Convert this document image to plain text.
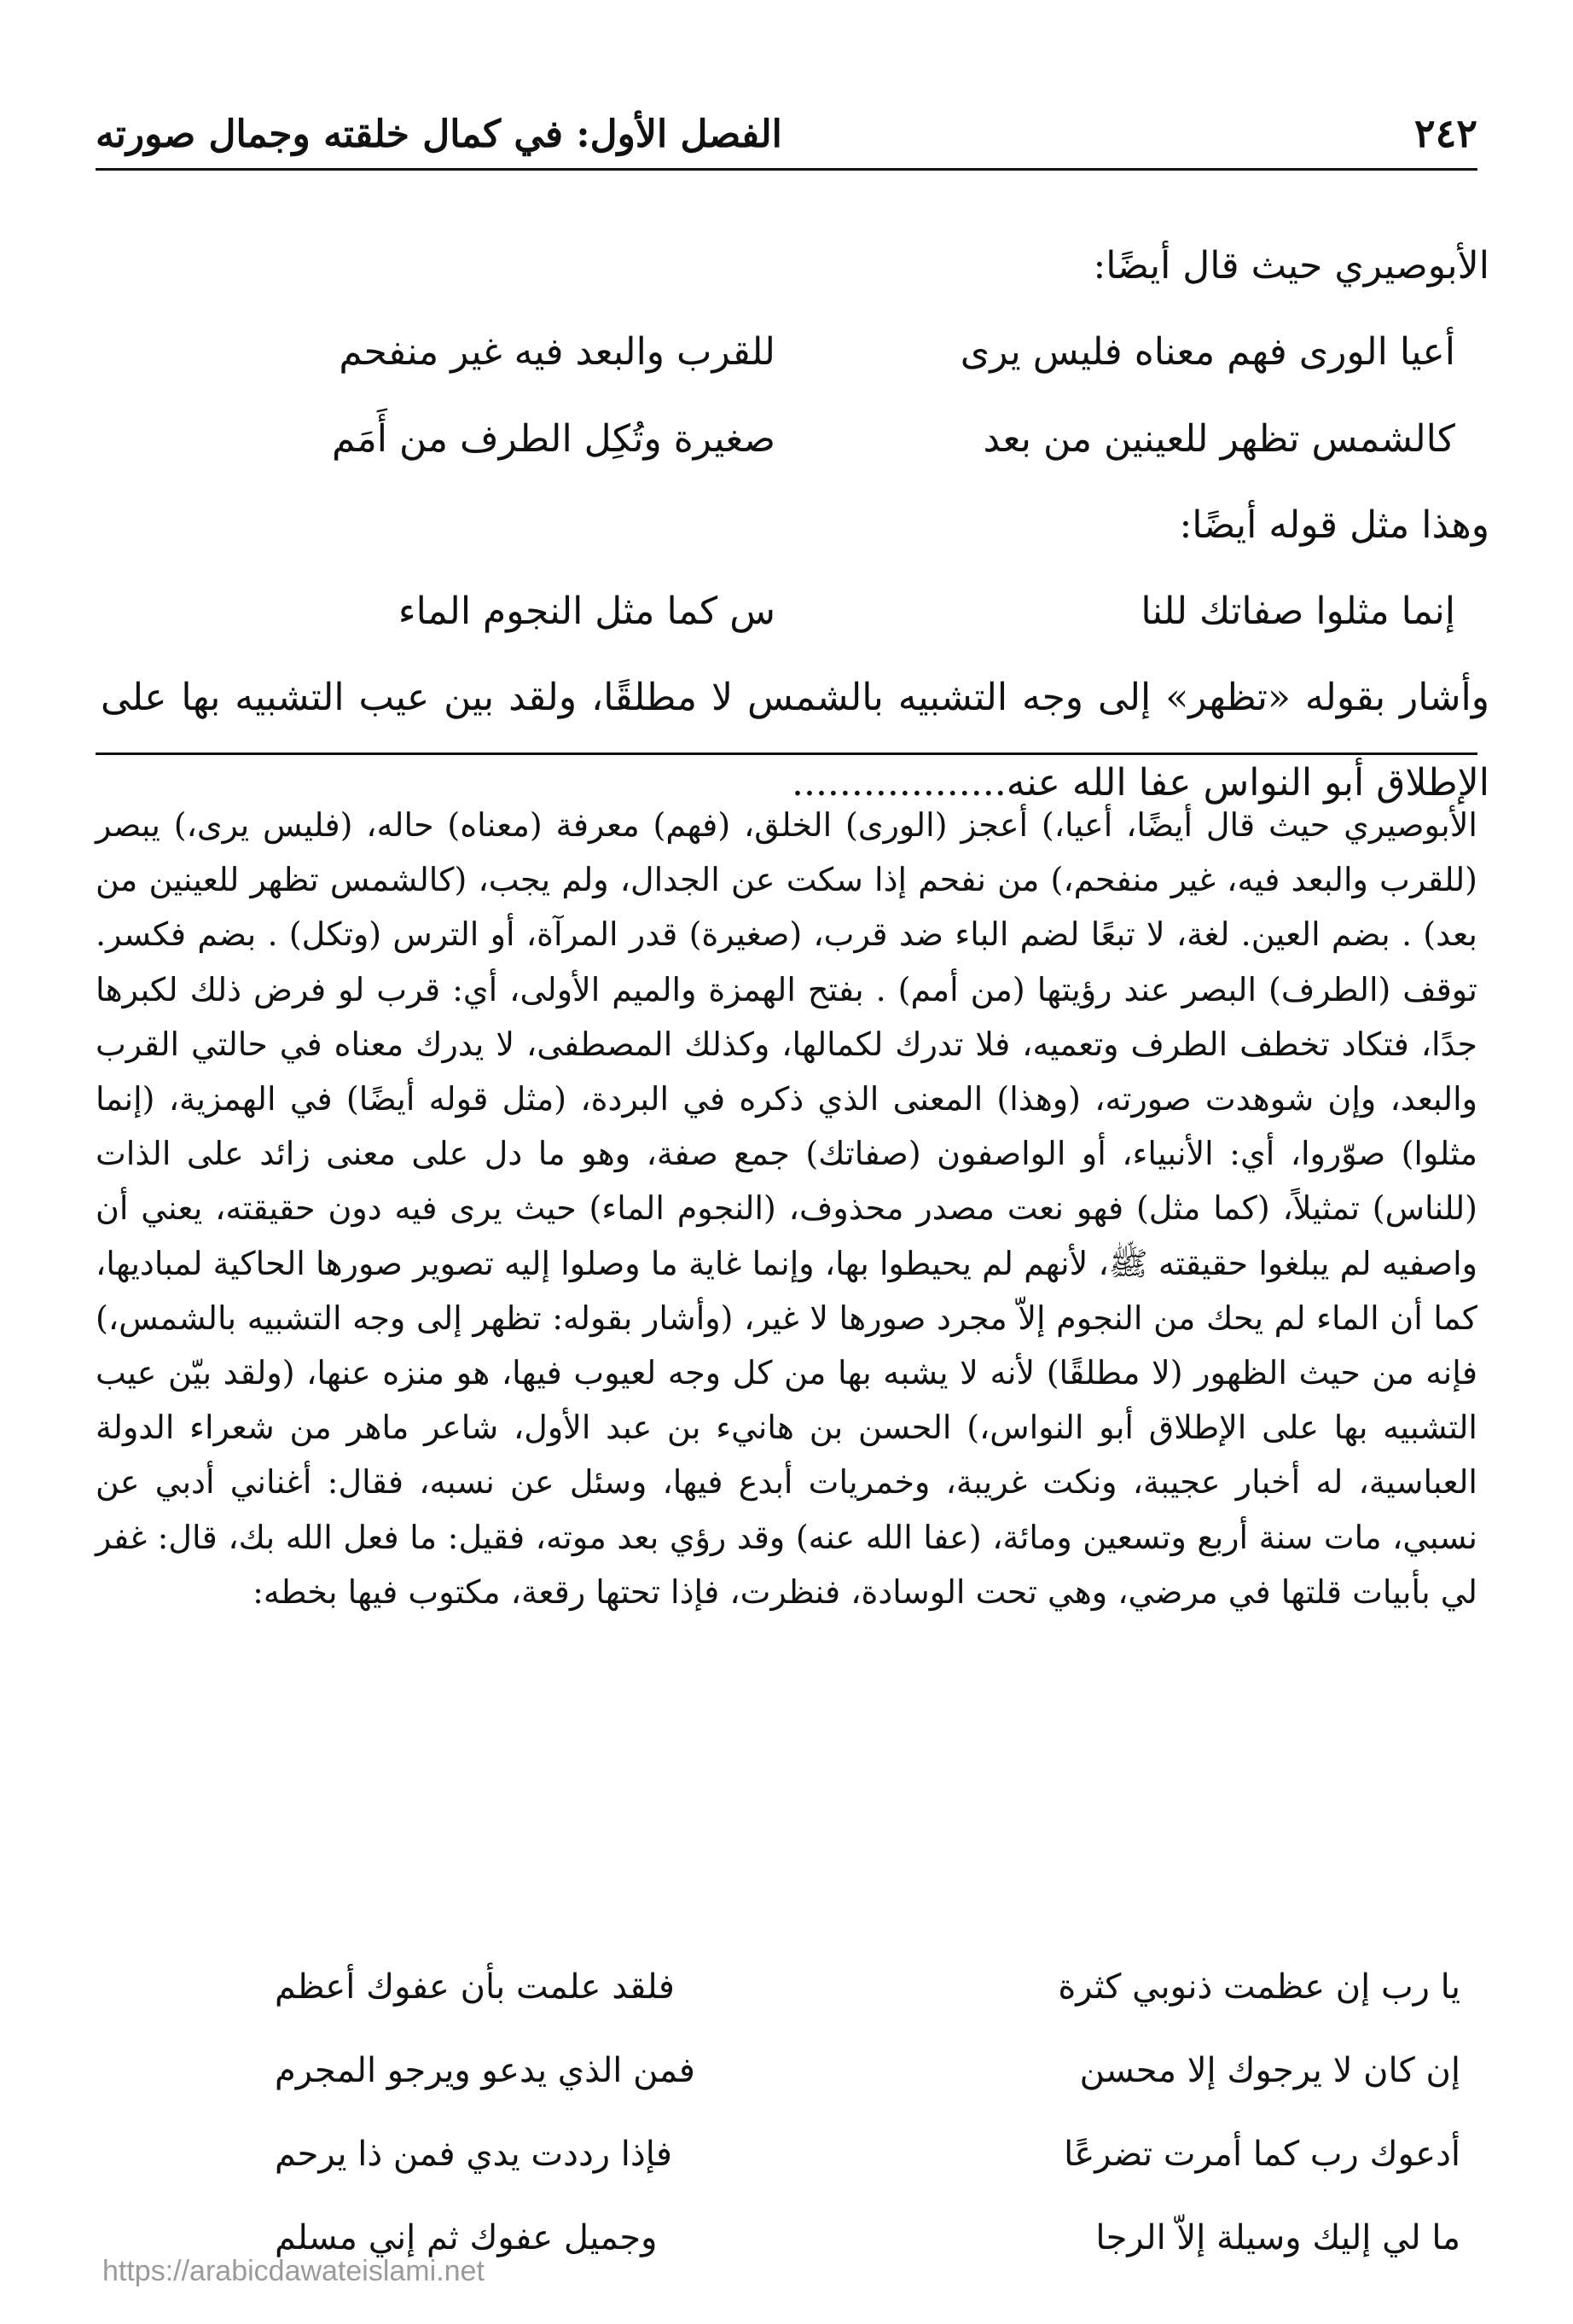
٢٤٢
الفصل الأول: في كمال خلقته وجمال صورته

الأبوصيري حيث قال أيضًا:

أعيا الورى فهم معناه فليس يرى
للقرب والبعد فيه غير منفحم
كالشمس تظهر للعينين من بعد
صغيرة وتُكِل الطرف من أَمَم

وهذا مثل قوله أيضًا:

إنما مثلوا صفاتك للنا
س كما مثل النجوم الماء

وأشار بقوله «تظهر» إلى وجه التشبيه بالشمس لا مطلقًا، ولقد بين عيب التشبيه بها على الإطلاق أبو النواس عفا الله عنه..................

الأبوصيري حيث قال أيضًا، أعيا،) أعجز (الورى) الخلق، (فهم) معرفة (معناه) حاله، (فليس يرى،) يبصر (للقرب والبعد فيه، غير منفحم،) من نفحم إذا سكت عن الجدال، ولم يجب، (كالشمس تظهر للعينين من بعد) . بضم العين. لغة، لا تبعًا لضم الباء ضد قرب، (صغيرة) قدر المرآة، أو الترس (وتكل) . بضم فكسر. توقف (الطرف) البصر عند رؤيتها (من أمم) . بفتح الهمزة والميم الأولى، أي: قرب لو فرض ذلك لكبرها جدًا، فتكاد تخطف الطرف وتعميه، فلا تدرك لكمالها، وكذلك المصطفى، لا يدرك معناه في حالتي القرب والبعد، وإن شوهدت صورته، (وهذا) المعنى الذي ذكره في البردة، (مثل قوله أيضًا) في الهمزية، (إنما مثلوا) صوّروا، أي: الأنبياء، أو الواصفون (صفاتك) جمع صفة، وهو ما دل على معنى زائد على الذات (للناس) تمثيلاً، (كما مثل) فهو نعت مصدر محذوف، (النجوم الماء) حيث يرى فيه دون حقيقته، يعني أن واصفيه لم يبلغوا حقيقته ﷺ، لأنهم لم يحيطوا بها، وإنما غاية ما وصلوا إليه تصوير صورها الحاكية لمباديها، كما أن الماء لم يحك من النجوم إلاّ مجرد صورها لا غير، (وأشار بقوله: تظهر إلى وجه التشبيه بالشمس،) فإنه من حيث الظهور (لا مطلقًا) لأنه لا يشبه بها من كل وجه لعيوب فيها، هو منزه عنها، (ولقد بيّن عيب التشبيه بها على الإطلاق أبو النواس،) الحسن بن هانيء بن عبد الأول، شاعر ماهر من شعراء الدولة العباسية، له أخبار عجيبة، ونكت غريبة، وخمريات أبدع فيها، وسئل عن نسبه، فقال: أغناني أدبي عن نسبي، مات سنة أربع وتسعين ومائة، (عفا الله عنه) وقد رؤي بعد موته، فقيل: ما فعل الله بك، قال: غفر لي بأبيات قلتها في مرضي، وهي تحت الوسادة، فنظرت، فإذا تحتها رقعة، مكتوب فيها بخطه:

يا رب إن عظمت ذنوبي كثرة
فلقد علمت بأن عفوك أعظم
إن كان لا يرجوك إلا محسن
فمن الذي يدعو ويرجو المجرم
أدعوك رب كما أمرت تضرعًا
فإذا رددت يدي فمن ذا يرحم
ما لي إليك وسيلة إلاّ الرجا
وجميل عفوك ثم إني مسلم
https://arabicdawateislami.net
